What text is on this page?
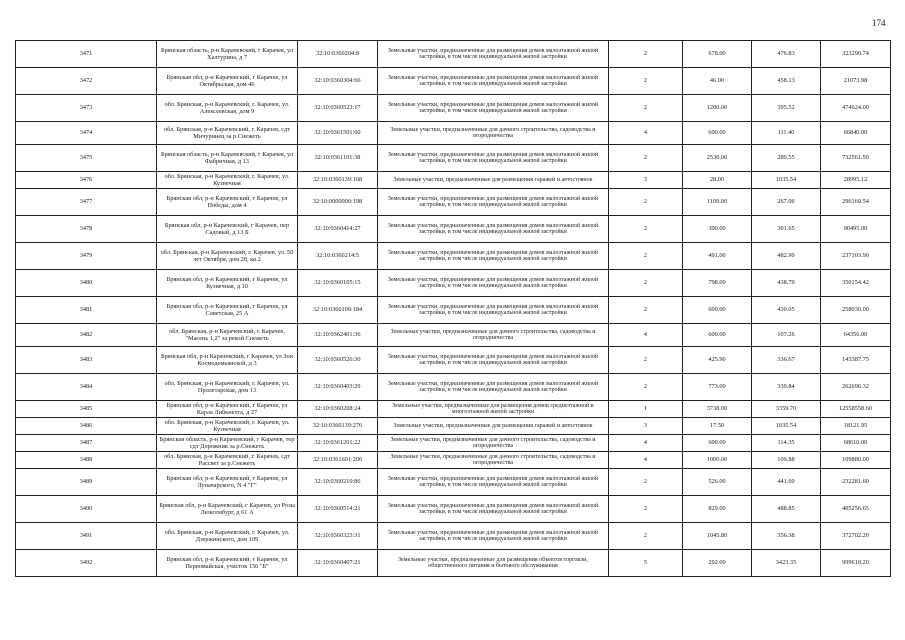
174
3471	Брянская область, р-н Карачевский, г Карачев, ул Халтурина, д 7	32:10:0360204:8	Земельные участки, предназначенные для размещения домов малоэтажной жилой застройки, в том числе индивидуальной жилой застройки	2	678.00	476.83	323290.74
3472	Брянская обл, р-н Карачевский, г Карачев, ул Октябрьская, дом 46	32:10:0360304:66	Земельные участки, предназначенные для размещения домов малоэтажной жилой застройки, в том числе индивидуальной жилой застройки	2	46.00	458.13	21073.98
3473	обл. Брянская, р-н Карачевский, г. Карачев, ул. Алексеевская, дом 9	32:10:0360523:17	Земельные участки, предназначенные для размещения домов малоэтажной жилой застройки, в том числе индивидуальной жилой застройки	2	1200.00	395.52	474624.00
3474	обл. Брянская, р-н Карачевский, г. Карачев, сдт Мичуринец за р.Снежеть	32:10:0361501:60	Земельные участки, предназначенные для дачного строительства, садоводства и огородничества	4	600.00	111.40	66840.00
3475	Брянская область, р-н Карачевский, г Карачев, ул Фабричная, д 13	32:10:0361101:38	Земельные участки, предназначенные для размещения домов малоэтажной жилой застройки, в том числе индивидуальной жилой застройки	2	2530.00	289.55	732561.50
3476	обл. Брянская, р-н Карачевский, г. Карачев, ул. Кузнечная	32:10:0360139:168	Земельные участки, предназначенные для размещения гаражей и автостоянок	3	28.00	1035.54	28995.12
3477	Брянская обл, р-н Карачевский, г Карачев, ул Победы, дом 4	32:10:0000000:198	Земельные участки, предназначенные для размещения домов малоэтажной жилой застройки, в том числе индивидуальной жилой застройки	2	1109.00	267.06	296169.54
3478	Брянская обл, р-н Карачевский, г Карачев, пер Садовый, д 13 Б	32:10:0360414:27	Земельные участки, предназначенные для размещения домов малоэтажной жилой застройки, в том числе индивидуальной жилой застройки	2	300.00	301.65	90495.00
3479	обл. Брянская, р-н Карачевский, г. Карачев, ул. 50 лет Октября, дом 28, кв.2	32:10:0360214:5	Земельные участки, предназначенные для размещения домов малоэтажной жилой застройки, в том числе индивидуальной жилой застройки	2	491.00	482.90	237103.90
3480	Брянская обл, р-н Карачевский, г Карачев, ул Кузнечная, д 10	32:10:0360105:15	Земельные участки, предназначенные для размещения домов малоэтажной жилой застройки, в том числе индивидуальной жилой застройки	2	798.00	438.79	350154.42
3481	Брянская обл, р-н Карачевский, г Карачев, ул Советская, 25 А	32:10:0360109:184	Земельные участки, предназначенные для размещения домов малоэтажной жилой застройки, в том числе индивидуальной жилой застройки	2	600.00	430.05	258030.00
3482	обл. Брянская, р-н Карачевский, г. Карачев, "Масень 1,2" за рекой Снежеть	32:10:0362401:36	Земельные участки, предназначенные для дачного строительства, садоводства и огородничества	4	600.00	107.26	64356.00
3483	Брянская обл, р-н Карачевский, г Карачев, ул Зои Космодемьянской, д 3	32:10:0360526:30	Земельные участки, предназначенные для размещения домов малоэтажной жилой застройки, в том числе индивидуальной жилой застройки	2	425.90	336.67	143387.75
3484	обл. Брянская, р-н Карачевский, г. Карачев, ул. Пролетарская, дом 13	32:10:0360403:29	Земельные участки, предназначенные для размещения домов малоэтажной жилой застройки, в том числе индивидуальной жилой застройки	2	773.00	339.84	262696.32
3485	Брянская обл, р-н Карачевский, г Карачев, ул Карла Либкнехта, д 27	32:10:0360208:24	Земельные участки, предназначенные для размещения домов среднеэтажной и многоэтажной жилой застройки	1	3738.00	3359.70	12558558.60
3486	обл. Брянская, р-н Карачевский, г. Карачев, ул. Кузнечная	32:10:0360139:276	Земельные участки, предназначенные для размещения гаражей и автостоянок	3	17.50	1035.54	18121.95
3487	Брянская область, р-н Карачевский, г Карачев, тер сдт Дорожник за р.Снежеть	32:10:0361201:22	Земельные участки, предназначенные для дачного строительства, садоводства и огородничества	4	600.00	114.35	68610.00
3488	обл. Брянская, р-н Карачевский, г. Карачев, сдт Рассвет за р.Снежеть	32:10:0361601:206	Земельные участки, предназначенные для дачного строительства, садоводства и огородничества	4	1000.00	109.88	109880.00
3489	Брянская обл, р-н Карачевский, г Карачев, ул Луначарского, N 4 "Г"	32:10:0360210:86	Земельные участки, предназначенные для размещения домов малоэтажной жилой застройки, в том числе индивидуальной жилой застройки	2	526.00	441.60	232281.60
3490	Брянская обл, р-н Карачевский, г Карачев, ул Розы Люксембург, д 61 А	32:10:0360514:21	Земельные участки, предназначенные для размещения домов малоэтажной жилой застройки, в том числе индивидуальной жилой застройки	2	829.00	488.85	405256.65
3491	обл. Брянская, р-н Карачевский, г. Карачев, ул. Дзержинского, дом 109	32:10:0360323:31	Земельные участки, предназначенные для размещения домов малоэтажной жилой застройки, в том числе индивидуальной жилой застройки	2	1045.80	356.38	372702.20
3492	Брянская обл, р-н Карачевский, г Карачев, ул Первомайская, участок 150 "Б"	32:10:0360407:21	Земельные участки, предназначенные для размещения объектов торговли, общественного питания и бытового обслуживания	5	292.00	3423.35	999618.20
